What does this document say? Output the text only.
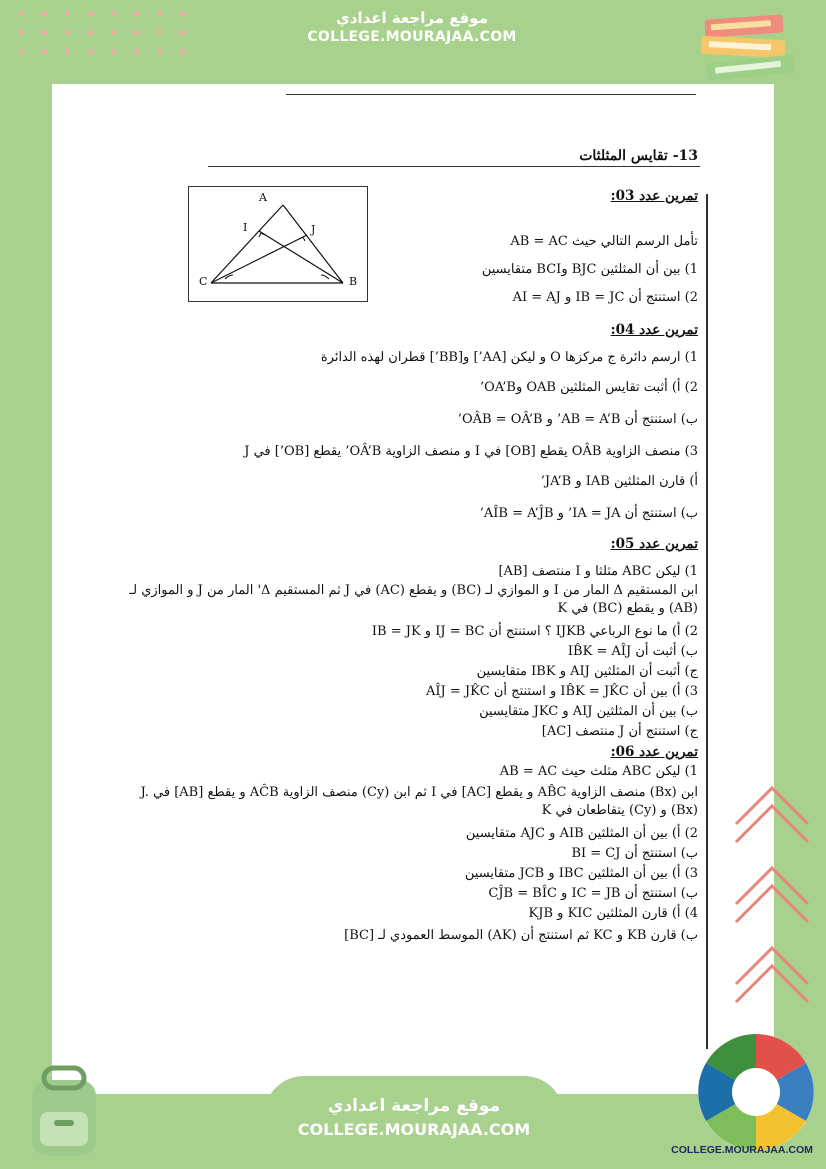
موقع مراجعة اعدادي
COLLEGE.MOURAJAA.COM
13- تقايس المثلثات
A
I	J
C	B
تمرين عدد 03:
تأمل الرسم التالي حيث AB = AC
1) بين أن المثلثين BJC وBCI متقايسين
2) استنتج أن IB = JC و AI = AJ
تمرين عدد 04:
1) ارسم دائرة ج مركزها O و ليكن [AA’] و[BB’] قطران لهذه الدائرة
2) أ) أثبت تقايس المثلثين OAB وOA’B’
ب) استنتج أن AB = A’B’ و OÂB = OÂ’B’
3) منصف الزاوية OÂB يقطع [OB] في I و منصف الزاوية OÂ’B’ يقطع [OB’] في J
أ) قارن المثلثين IAB و JA’B’
ب) استنتج أن IA = JA’ و AÎB = A’ĴB’
تمرين عدد 05:
1) ليكن ABC مثلثا و I منتصف [AB]
ابن المستقيم Δ المار من I و الموازي لـ (BC) و يقطع (AC) في J ثم المستقيم Δ' المار من J و الموازي لـ (AB) و يقطع (BC) في K
2) أ) ما نوع الرباعي IJKB ؟ استنتج أن IJ = BC و IB = JK
ب) أثبت أن IB̂K = AÎJ
ج) أثبت أن المثلثين AIJ و IBK متقايسين
3) أ) بين أن IB̂K = JK̂C و استنتج أن AÎJ = JK̂C
ب) بين أن المثلثين AIJ و JKC متقايسين
ج) استنتج أن J منتصف [AC]
تمرين عدد 06:
1) ليكن ABC مثلث حيث AB = AC
ابن (Bx) منصف الزاوية AB̂C و يقطع [AC] في I ثم ابن (Cy) منصف الزاوية AĈB و يقطع [AB] في J. (Bx) و (Cy) يتقاطعان في K
2) أ) بين أن المثلثين AIB و AJC متقايسين
ب) استنتج أن BI = CJ
3) أ) بين أن المثلثين IBC و JCB متقايسين
ب) استنتج أن IC = JB و CĴB = BÎC
4) أ) قارن المثلثين KIC و KJB
ب) قارن KB و KC ثم استنتج أن (AK) الموسط العمودي لـ [BC]
موقع مراجعة اعدادي
COLLEGE.MOURAJAA.COM
COLLEGE.MOURAJAA.COM
